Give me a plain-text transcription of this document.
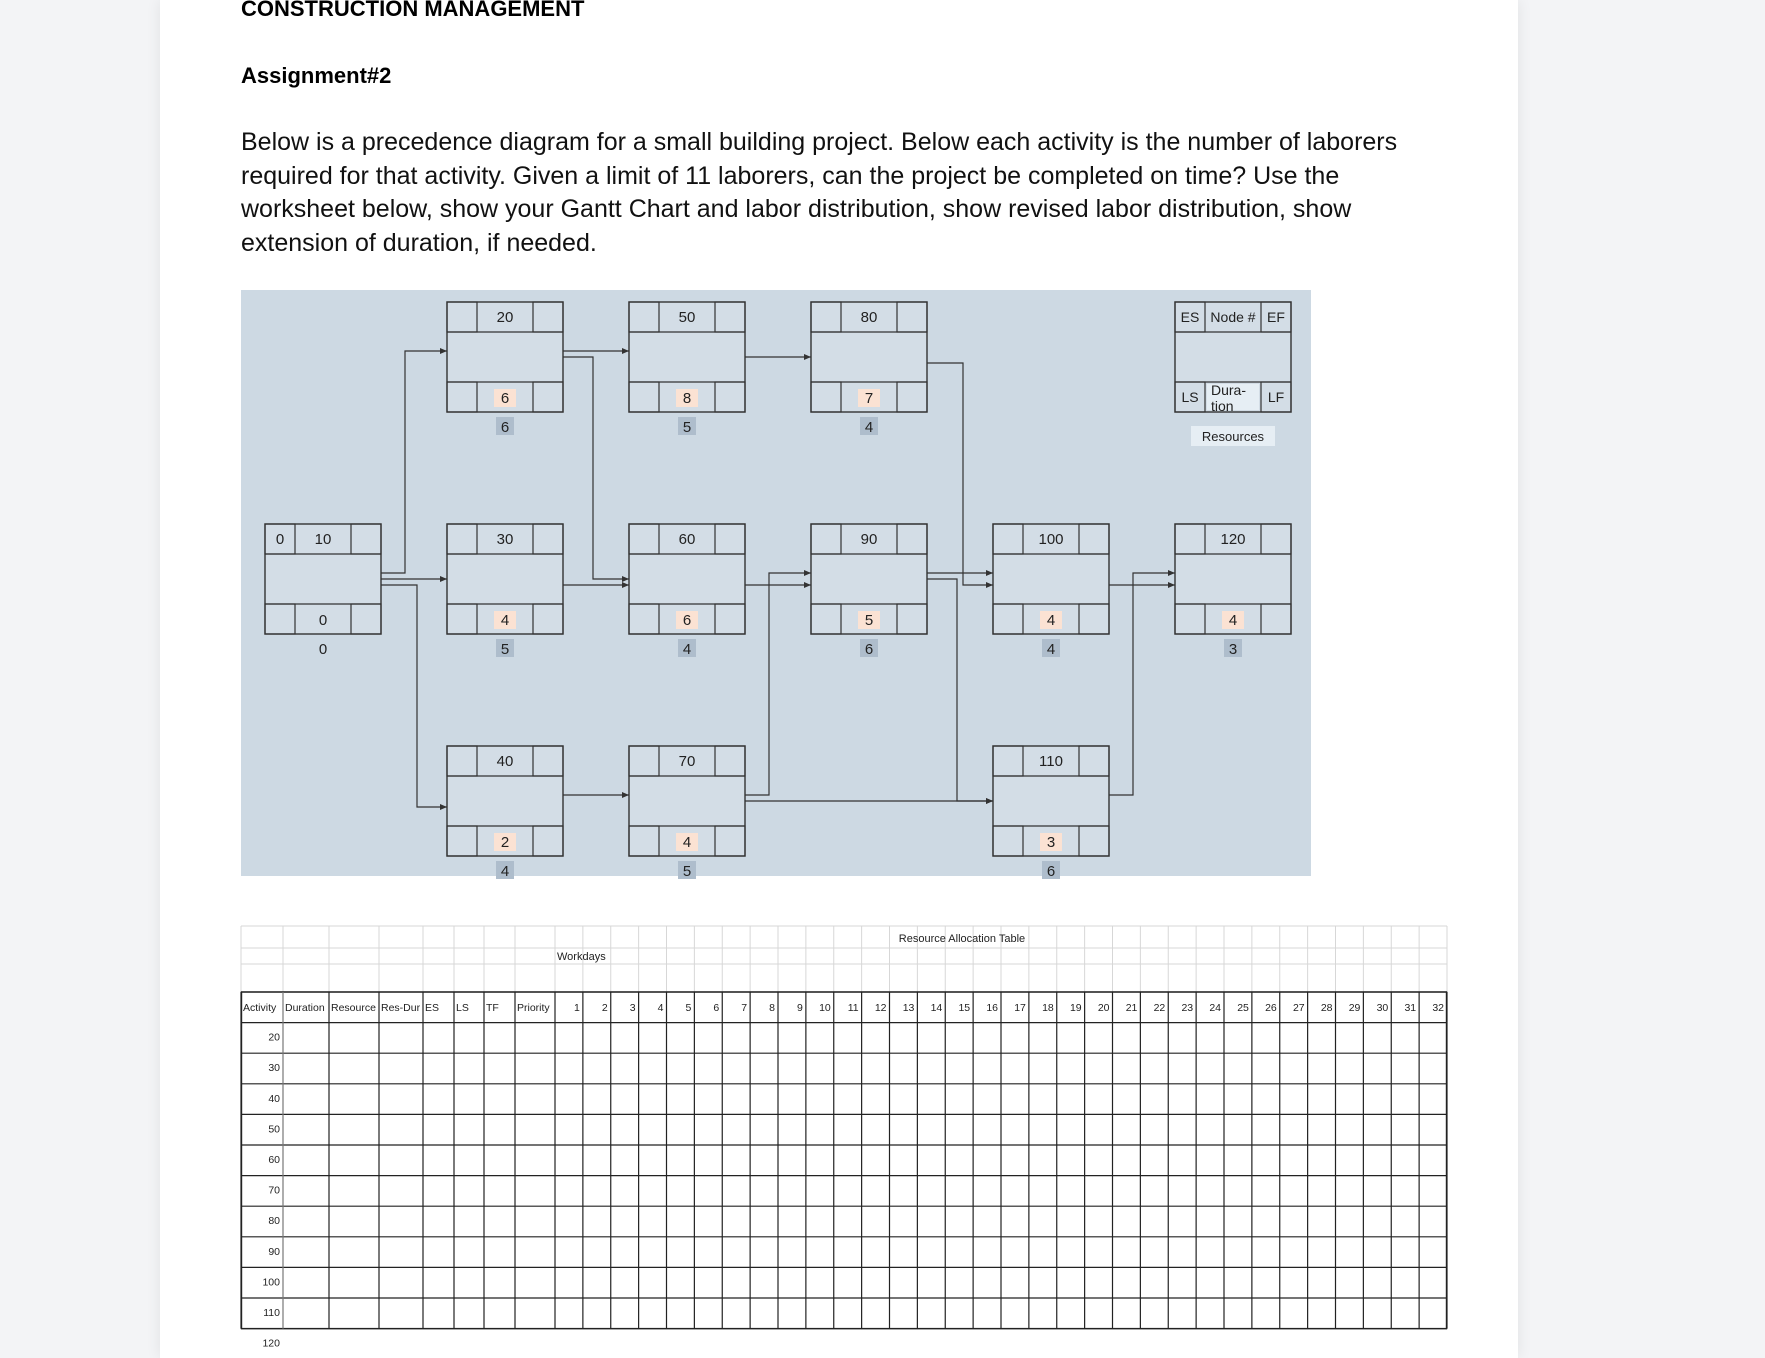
CONSTRUCTION MANAGEMENT
Assignment#2
Below is a precedence diagram for a small building project. Below each activity is the number of laborers required for that activity. Given a limit of 11 laborers, can the project be completed on time? Use the worksheet below, show your Gantt Chart and labor distribution, show revised labor distribution, show extension of duration, if needed.
10
0
0
0
20
6
6
30
4
5
40
2
4
50
8
5
60
6
4
70
4
5
80
7
4
90
5
6
100
4
4
110
3
6
120
4
3
ES Node # EF
LS	LF
Dura-tion
Resources
Resource Allocation Table
Workdays
Activity Duration Resource Res-Dur ES LS TF Priority 1 2 3 4 5 6 7 8 9 10 11 12 13 14 15 16 17 18 19 20 21 22 23 24 25 26 27 28 29 30 31 32
20
30
40
50
60
70
80
90
100
110
120
